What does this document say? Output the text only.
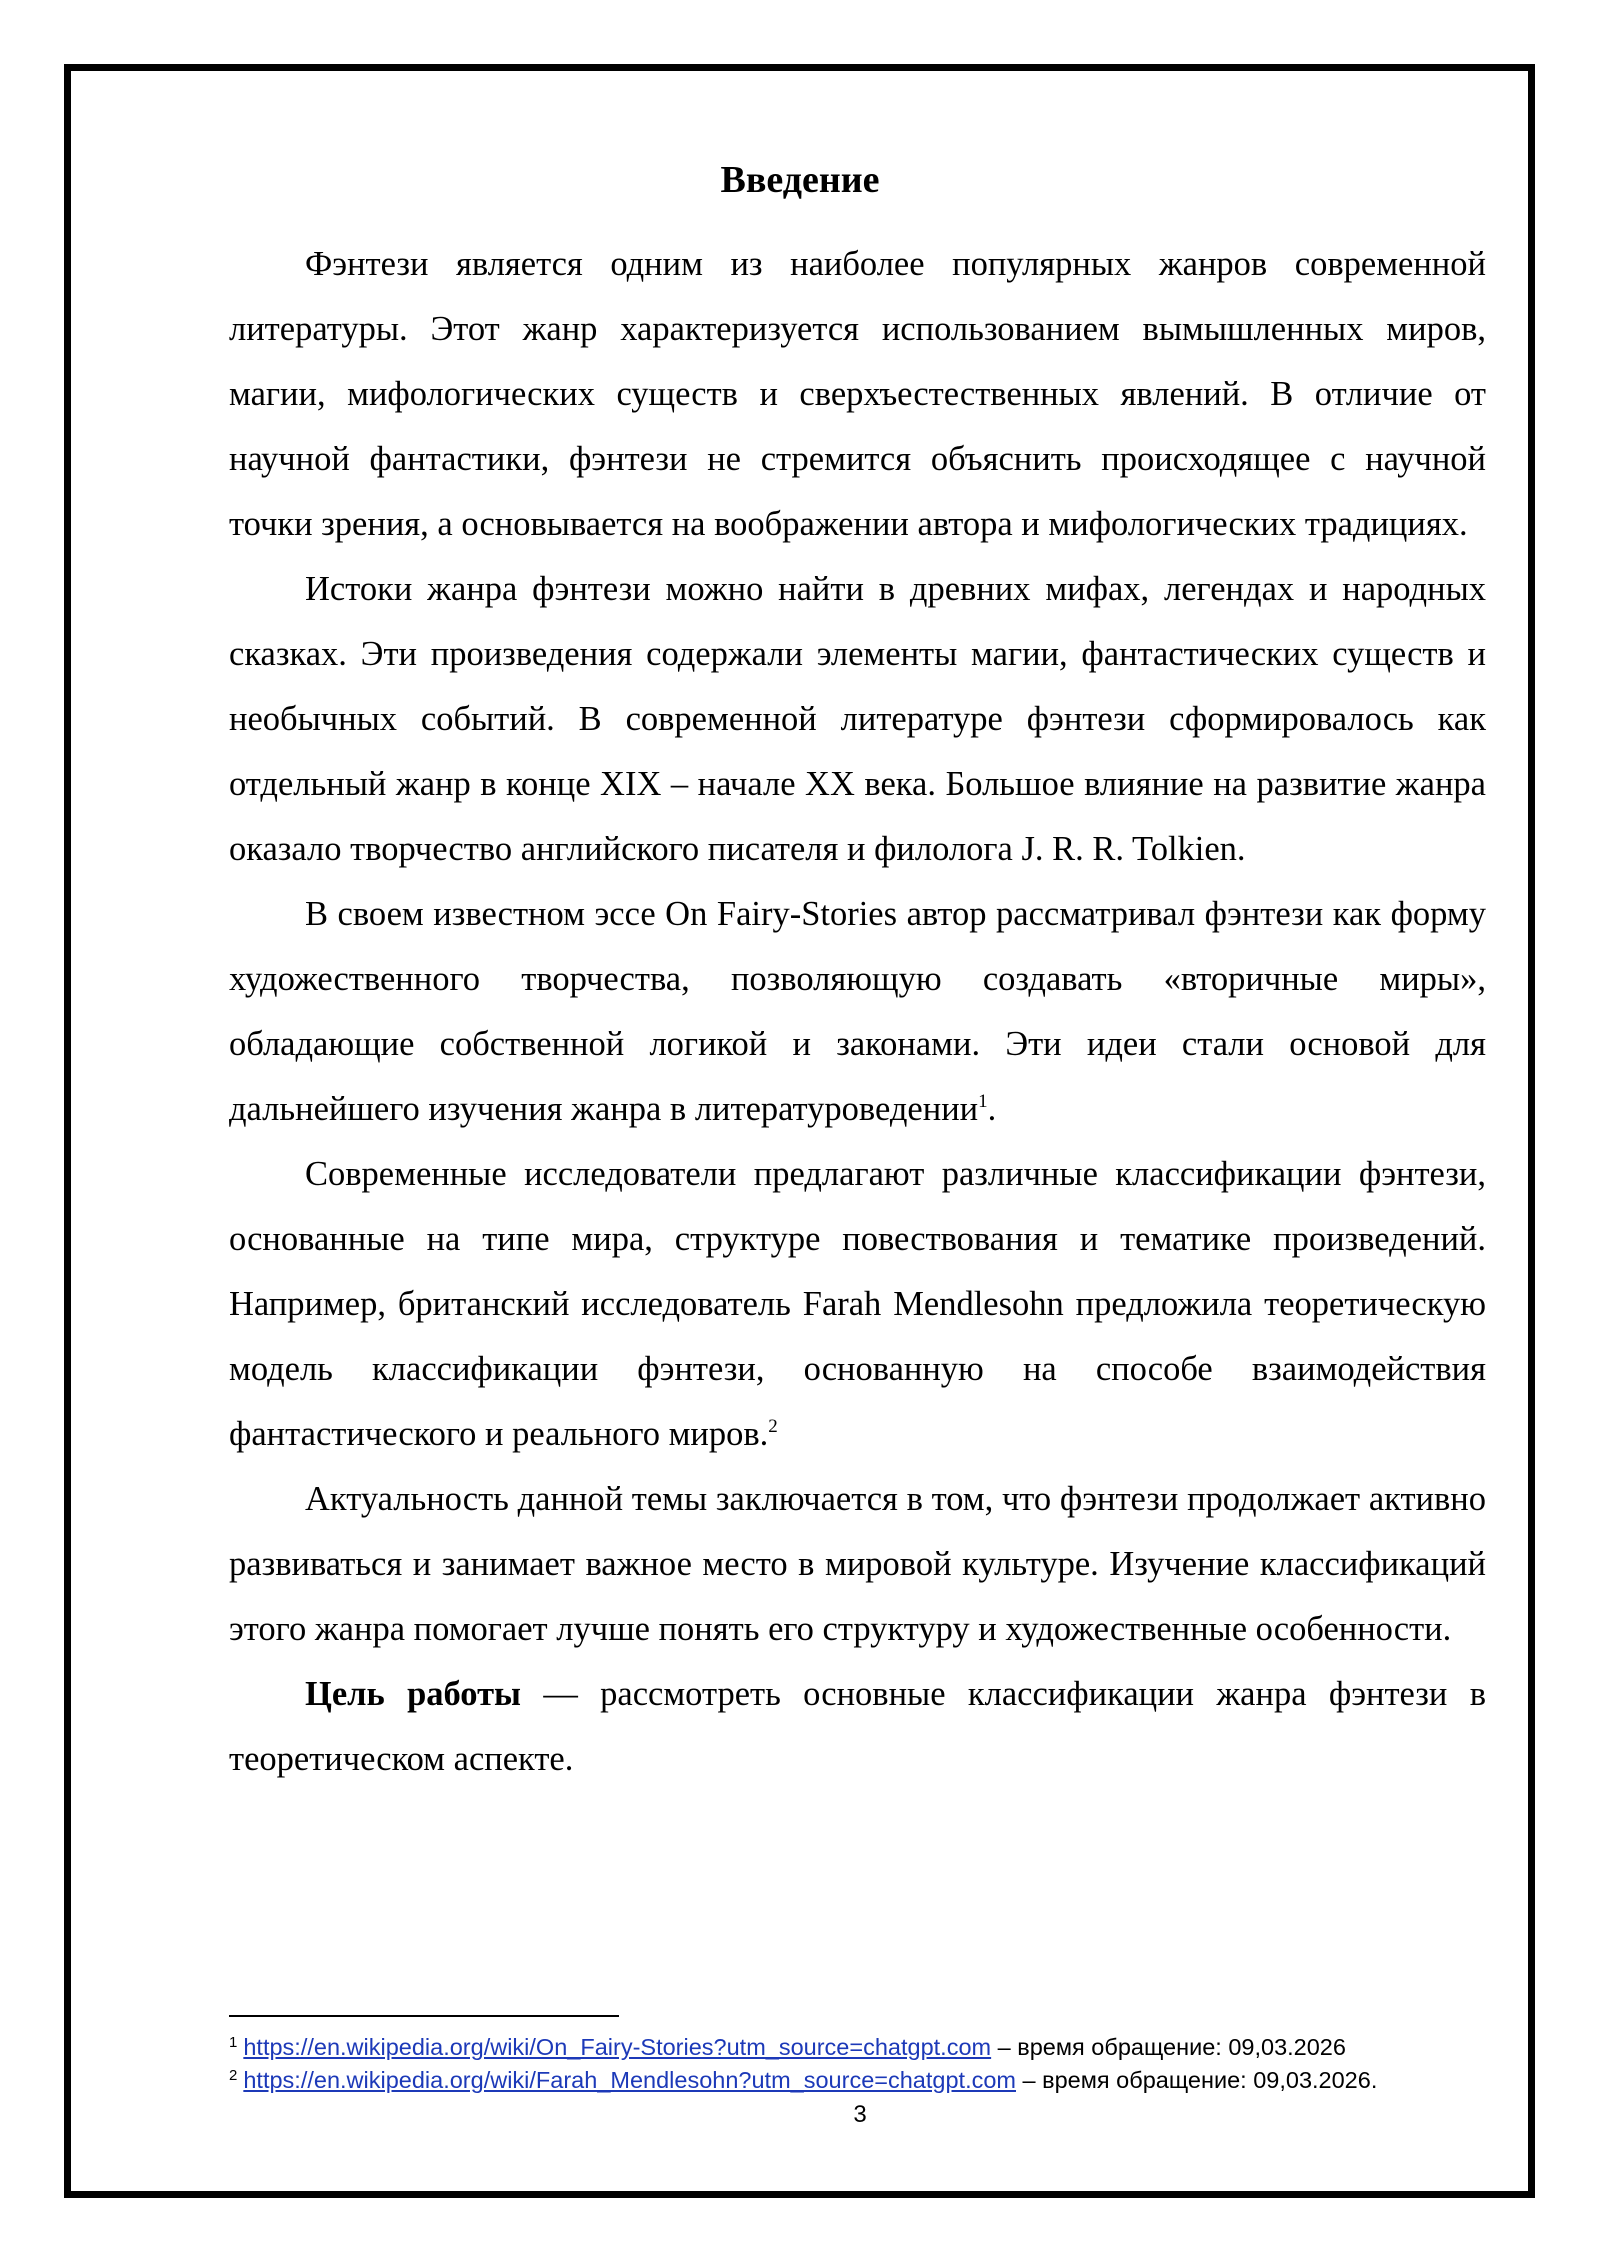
Введение

Фэнтези является одним из наиболее популярных жанров современной литературы. Этот жанр характеризуется использованием вымышленных миров, магии, мифологических существ и сверхъестественных явлений. В отличие от научной фантастики, фэнтези не стремится объяснить происходящее с научной точки зрения, а основывается на воображении автора и мифологических традициях.

Истоки жанра фэнтези можно найти в древних мифах, легендах и народных сказках. Эти произведения содержали элементы магии, фантастических существ и необычных событий. В современной литературе фэнтези сформировалось как отдельный жанр в конце XIX – начале XX века. Большое влияние на развитие жанра оказало творчество английского писателя и филолога J. R. R. Tolkien.

В своем известном эссе On Fairy-Stories автор рассматривал фэнтези как форму художественного творчества, позволяющую создавать «вторичные миры», обладающие собственной логикой и законами. Эти идеи стали основой для дальнейшего изучения жанра в литературоведении$^1$.

Современные исследователи предлагают различные классификации фэнтези, основанные на типе мира, структуре повествования и тематике произведений. Например, британский исследователь Farah Mendlesohn предложила теоретическую модель классификации фэнтези, основанную на способе взаимодействия фантастического и реального миров.$^2$

Актуальность данной темы заключается в том, что фэнтези продолжает активно развиваться и занимает важное место в мировой культуре. Изучение классификаций этого жанра помогает лучше понять его структуру и художественные особенности.

Цель работы — рассмотреть основные классификации жанра фэнтези в теоретическом аспекте.

$^1$ https://en.wikipedia.org/wiki/On_Fairy-Stories?utm_source=chatgpt.com – время обращение: 09,03.2026

$^2$ https://en.wikipedia.org/wiki/Farah_Mendlesohn?utm_source=chatgpt.com – время обращение: 09,03.2026.

3
